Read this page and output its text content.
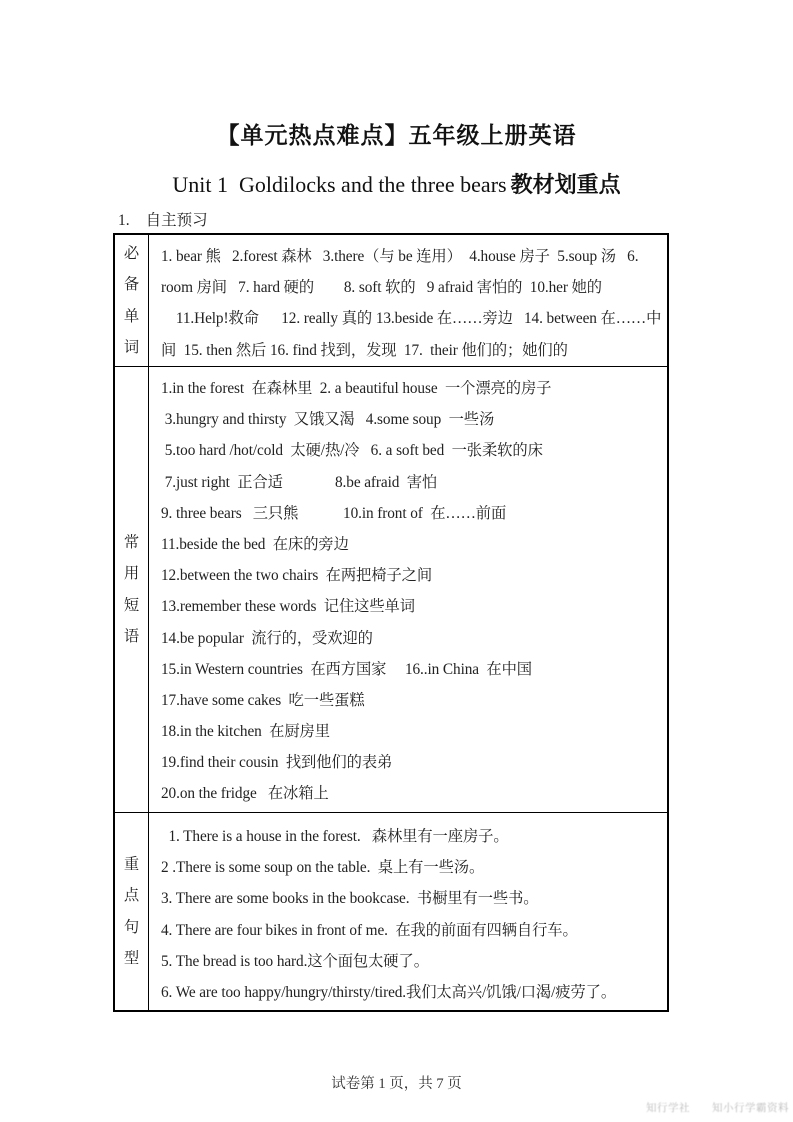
【单元热点难点】五年级上册英语
Unit 1  Goldilocks and the three bears 教材划重点
1. 自主预习
必备单词
1. bear 熊   2.forest 森林   3.there（与 be 连用）  4.house 房子  5.soup 汤   6.
room 房间   7. hard 硬的        8. soft 软的   9 afraid 害怕的  10.her 她的
11.Help!救命      12. really 真的 13.beside 在……旁边   14. between 在……中
间  15. then 然后 16. find 找到，发现  17.  their 他们的；她们的
常用短语
1.in the forest  在森林里  2. a beautiful house  一个漂亮的房子
3.hungry and thirsty  又饿又渴   4.some soup  一些汤
5.too hard /hot/cold  太硬/热/冷   6. a soft bed  一张柔软的床
7.just right  正合适              8.be afraid  害怕
9. three bears   三只熊            10.in front of  在……前面
11.beside the bed  在床的旁边
12.between the two chairs  在两把椅子之间
13.remember these words  记住这些单词
14.be popular  流行的，受欢迎的
15.in Western countries  在西方国家     16..in China  在中国
17.have some cakes  吃一些蛋糕
18.in the kitchen  在厨房里
19.find their cousin  找到他们的表弟
20.on the fridge   在冰箱上
重点句型
1. There is a house in the forest.   森林里有一座房子。
2 .There is some soup on the table.  桌上有一些汤。
3. There are some books in the bookcase.  书橱里有一些书。
4. There are four bikes in front of me.  在我的前面有四辆自行车。
5. The bread is too hard.这个面包太硬了。
6. We are too happy/hungry/thirsty/tired.我们太高兴/饥饿/口渴/疲劳了。
试卷第 1 页，共 7 页
知行学社　　知小行学霸资料
